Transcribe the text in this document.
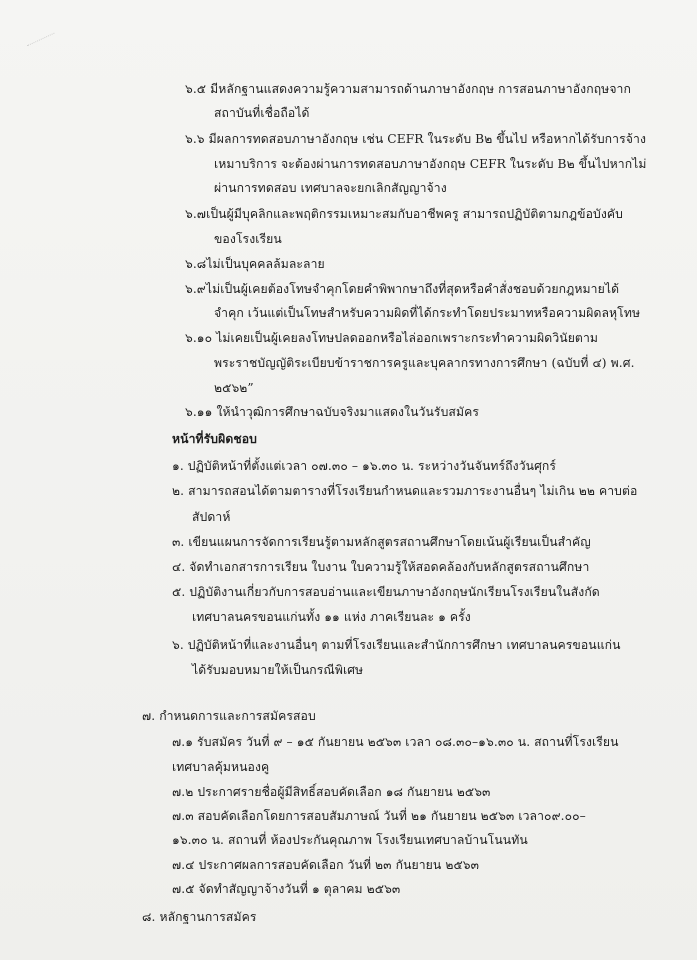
๖.๕ มีหลักฐานแสดงความรู้ความสามารถด้านภาษาอังกฤษ การสอนภาษาอังกฤษจาก
สถาบันที่เชื่อถือได้
๖.๖ มีผลการทดสอบภาษาอังกฤษ เช่น CEFR ในระดับ B๒ ขึ้นไป หรือหากได้รับการจ้าง
เหมาบริการ จะต้องผ่านการทดสอบภาษาอังกฤษ CEFR ในระดับ B๒ ขึ้นไปหากไม่
ผ่านการทดสอบ เทศบาลจะยกเลิกสัญญาจ้าง
๖.๗เป็นผู้มีบุคลิกและพฤติกรรมเหมาะสมกับอาชีพครู สามารถปฏิบัติตามกฎข้อบังคับ
ของโรงเรียน
๖.๘ไม่เป็นบุคคลล้มละลาย
๖.๙ไม่เป็นผู้เคยต้องโทษจำคุกโดยคำพิพากษาถึงที่สุดหรือคำสั่งชอบด้วยกฎหมายได้
จำคุก เว้นแต่เป็นโทษสำหรับความผิดที่ได้กระทำโดยประมาทหรือความผิดลหุโทษ
๖.๑๐ ไม่เคยเป็นผู้เคยลงโทษปลดออกหรือไล่ออกเพราะกระทำความผิดวินัยตาม
พระราชบัญญัติระเบียบข้าราชการครูและบุคลากรทางการศึกษา (ฉบับที่ ๔) พ.ศ.
๒๕๖๒”
๖.๑๑ ให้นำวุฒิการศึกษาฉบับจริงมาแสดงในวันรับสมัคร
หน้าที่รับผิดชอบ
๑. ปฏิบัติหน้าที่ตั้งแต่เวลา ๐๗.๓๐ – ๑๖.๓๐ น. ระหว่างวันจันทร์ถึงวันศุกร์
๒. สามารถสอนได้ตามตารางที่โรงเรียนกำหนดและรวมภาระงานอื่นๆ ไม่เกิน ๒๒ คาบต่อ
สัปดาห์
๓. เขียนแผนการจัดการเรียนรู้ตามหลักสูตรสถานศึกษาโดยเน้นผู้เรียนเป็นสำคัญ
๔. จัดทำเอกสารการเรียน ใบงาน ใบความรู้ให้สอดคล้องกับหลักสูตรสถานศึกษา
๕. ปฏิบัติงานเกี่ยวกับการสอบอ่านและเขียนภาษาอังกฤษนักเรียนโรงเรียนในสังกัด
เทศบาลนครขอนแก่นทั้ง ๑๑ แห่ง ภาคเรียนละ ๑ ครั้ง
๖. ปฏิบัติหน้าที่และงานอื่นๆ ตามที่โรงเรียนและสำนักการศึกษา เทศบาลนครขอนแก่น
ได้รับมอบหมายให้เป็นกรณีพิเศษ
๗. กำหนดการและการสมัครสอบ
๗.๑ รับสมัคร วันที่ ๙ – ๑๕ กันยายน ๒๕๖๓ เวลา ๐๘.๓๐–๑๖.๓๐ น. สถานที่โรงเรียน
เทศบาลคุ้มหนองคู
๗.๒ ประกาศรายชื่อผู้มีสิทธิ์สอบคัดเลือก ๑๘ กันยายน ๒๕๖๓
๗.๓ สอบคัดเลือกโดยการสอบสัมภาษณ์ วันที่ ๒๑ กันยายน ๒๕๖๓ เวลา๐๙.๐๐–
๑๖.๓๐ น. สถานที่ ห้องประกันคุณภาพ โรงเรียนเทศบาลบ้านโนนทัน
๗.๔ ประกาศผลการสอบคัดเลือก วันที่ ๒๓ กันยายน ๒๕๖๓
๗.๕ จัดทำสัญญาจ้างวันที่ ๑ ตุลาคม ๒๕๖๓
๘. หลักฐานการสมัคร
